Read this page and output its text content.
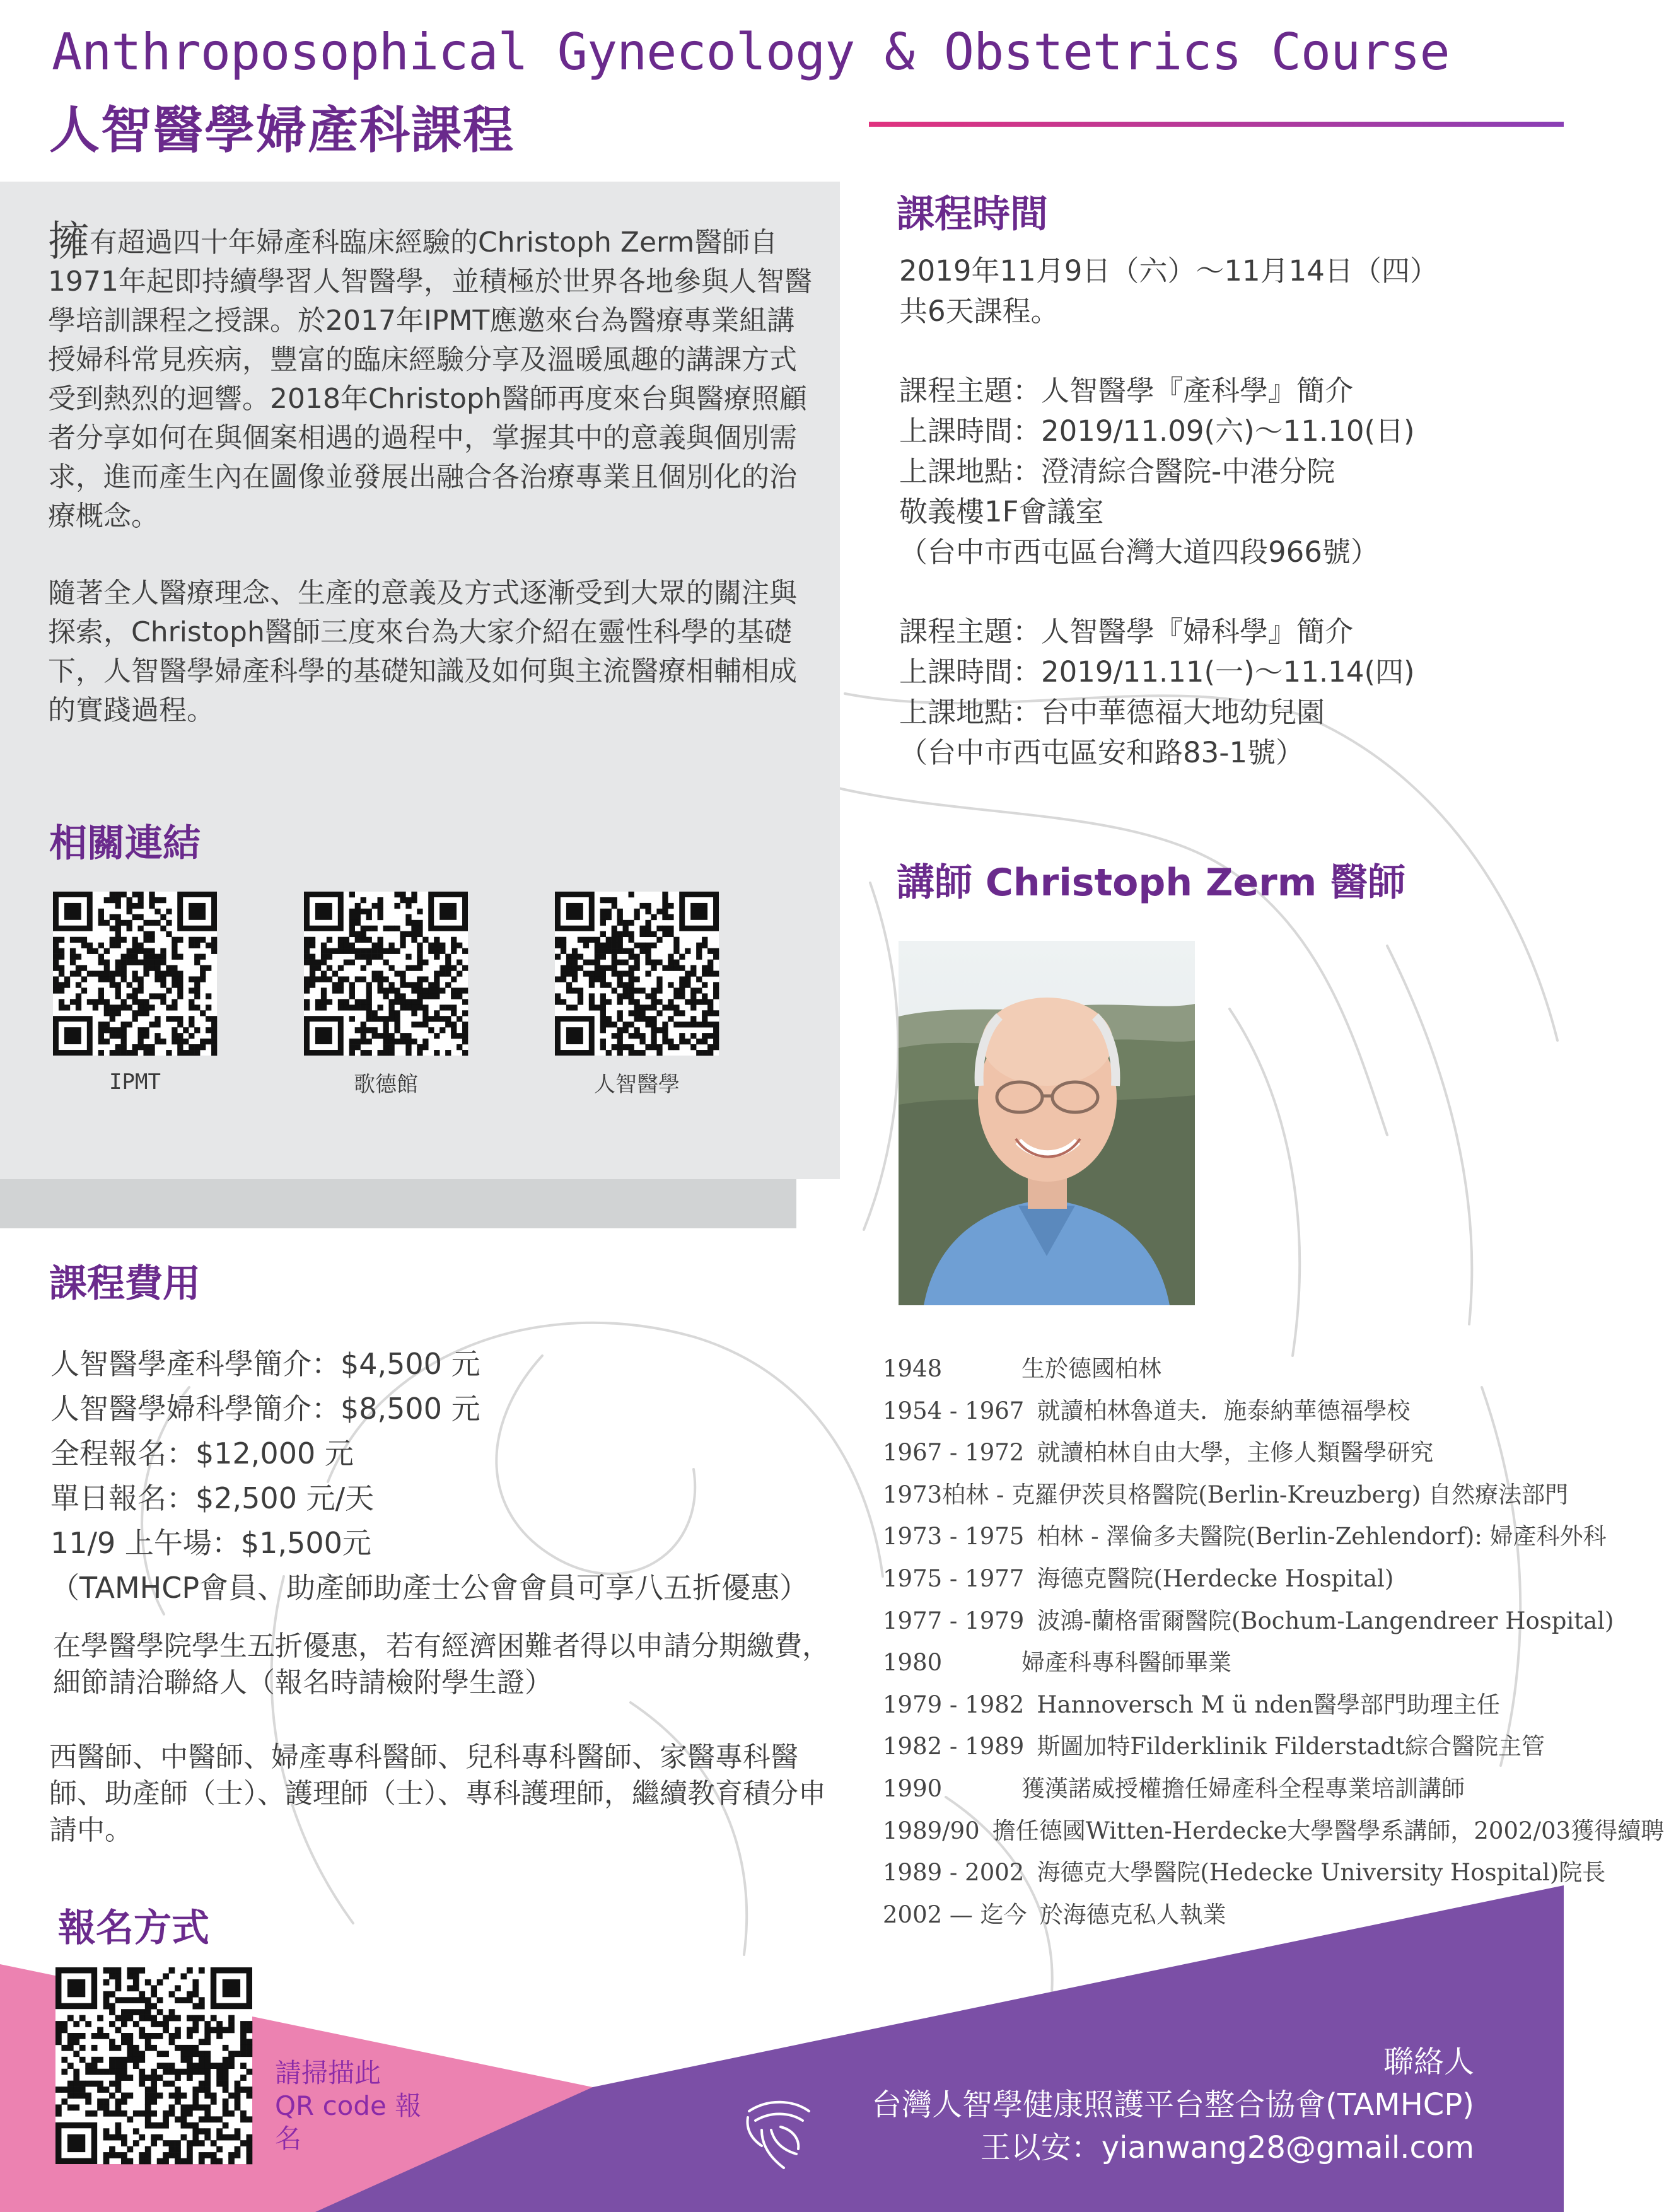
Anthroposophical Gynecology & Obstetrics Course
人智醫學婦產科課程

擁有超過四十年婦產科臨床經驗的Christoph Zerm醫師自1971年起即持續學習人智醫學，並積極於世界各地參與人智醫學培訓課程之授課。於2017年IPMT應邀來台為醫療專業組講授婦科常見疾病，豐富的臨床經驗分享及溫暖風趣的講課方式受到熱烈的迴響。2018年Christoph醫師再度來台與醫療照顧者分享如何在與個案相遇的過程中，掌握其中的意義與個別需求，進而產生內在圖像並發展出融合各治療專業且個別化的治療概念。

隨著全人醫療理念、生產的意義及方式逐漸受到大眾的關注與探索，Christoph醫師三度來台為大家介紹在靈性科學的基礎下，人智醫學婦產科學的基礎知識及如何與主流醫療相輔相成的實踐過程。

相關連結
IPMT	歌德館	人智醫學
課程時間
2019年11月9日（六）～11月14日（四）
共6天課程。
課程主題：人智醫學『產科學』簡介
上課時間：2019/11.09(六)～11.10(日)
上課地點：澄清綜合醫院-中港分院
敬義樓1F會議室
（台中市西屯區台灣大道四段966號）
課程主題：人智醫學『婦科學』簡介
上課時間：2019/11.11(一)～11.14(四)
上課地點：台中華德福大地幼兒園
（台中市西屯區安和路83-1號）
講師 Christoph Zerm 醫師
1948	生於德國柏林
1954 - 1967 就讀柏林魯道夫．施泰納華德福學校
1967 - 1972 就讀柏林自由大學，主修人類醫學研究
1973 柏林 - 克羅伊茨貝格醫院(Berlin-Kreuzberg) 自然療法部門
1973 - 1975 柏林 - 澤倫多夫醫院(Berlin-Zehlendorf): 婦產科外科
1975 - 1977 海德克醫院(Herdecke Hospital)
1977 - 1979 波鴻-蘭格雷爾醫院(Bochum-Langendreer Hospital)
1980	婦產科專科醫師畢業
1979 - 1982 Hannoversch M ü nden醫學部門助理主任
1982 - 1989 斯圖加特Filderklinik Filderstadt綜合醫院主管
1990	獲漢諾威授權擔任婦產科全程專業培訓講師
1989/90 擔任德國Witten-Herdecke大學醫學系講師，2002/03獲得續聘
1989 - 2002 海德克大學醫院(Hedecke University Hospital)院長
2002 — 迄今 於海德克私人執業
課程費用
人智醫學產科學簡介：$4,500 元
人智醫學婦科學簡介：$8,500 元
全程報名：$12,000 元
單日報名：$2,500 元/天
11/9 上午場：$1,500元
（TAMHCP會員、助產師助產士公會會員可享八五折優惠）
在學醫學院學生五折優惠，若有經濟困難者得以申請分期繳費，細節請洽聯絡人（報名時請檢附學生證）
西醫師、中醫師、婦產專科醫師、兒科專科醫師、家醫專科醫師、助產師（士）、護理師（士）、專科護理師，繼續教育積分申請中。
報名方式
請掃描此 QR code 報名
聯絡人
台灣人智學健康照護平台整合協會(TAMHCP)
王以安：yianwang28@gmail.com
